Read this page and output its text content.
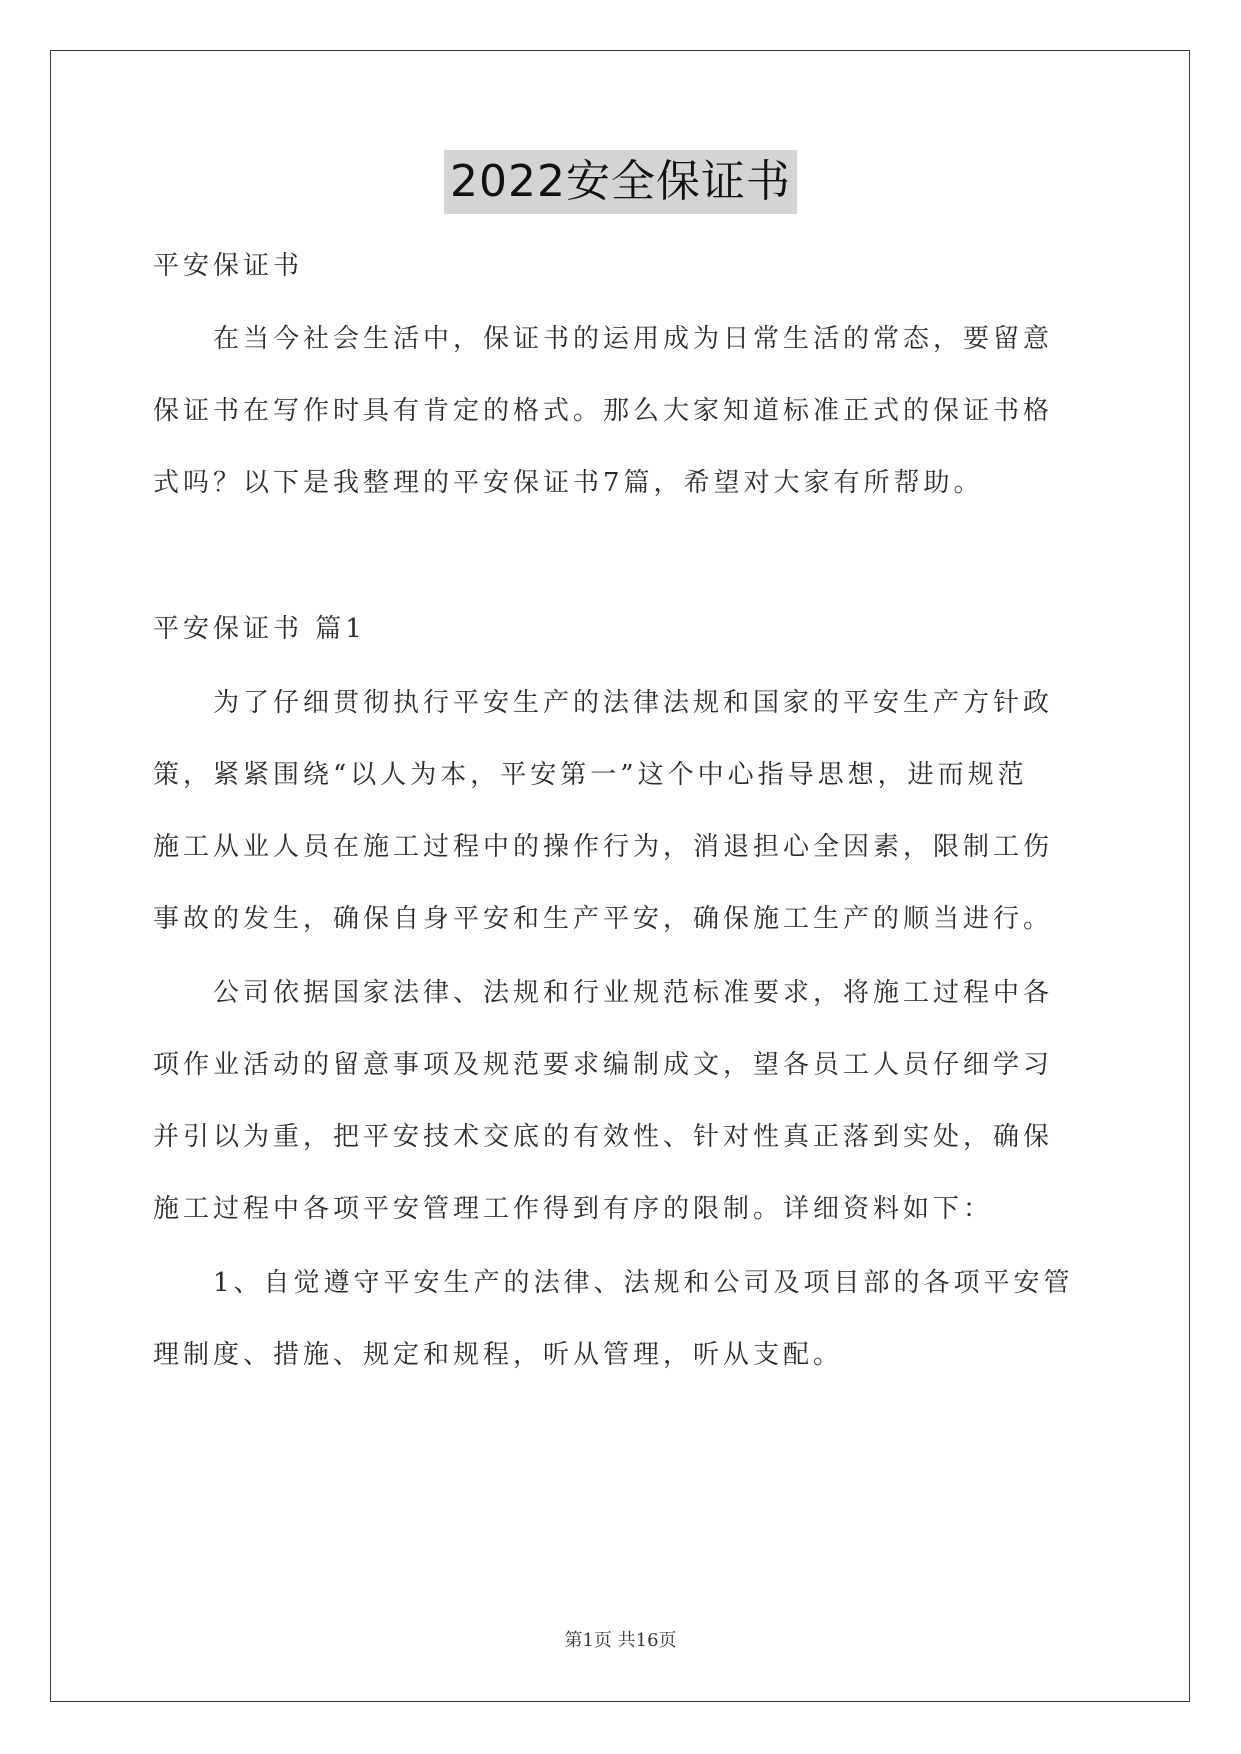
2022安全保证书
平安保证书
在当今社会生活中，保证书的运用成为日常生活的常态，要留意
保证书在写作时具有肯定的格式。那么大家知道标准正式的保证书格
式吗？以下是我整理的平安保证书7篇，希望对大家有所帮助。
平安保证书 篇1
为了仔细贯彻执行平安生产的法律法规和国家的平安生产方针政
策，紧紧围绕“以人为本，平安第一”这个中心指导思想，进而规范
施工从业人员在施工过程中的操作行为，消退担心全因素，限制工伤
事故的发生，确保自身平安和生产平安，确保施工生产的顺当进行。
公司依据国家法律、法规和行业规范标准要求，将施工过程中各
项作业活动的留意事项及规范要求编制成文，望各员工人员仔细学习
并引以为重，把平安技术交底的有效性、针对性真正落到实处，确保
施工过程中各项平安管理工作得到有序的限制。详细资料如下：
1、自觉遵守平安生产的法律、法规和公司及项目部的各项平安管
理制度、措施、规定和规程，听从管理，听从支配。
第1页 共16页
